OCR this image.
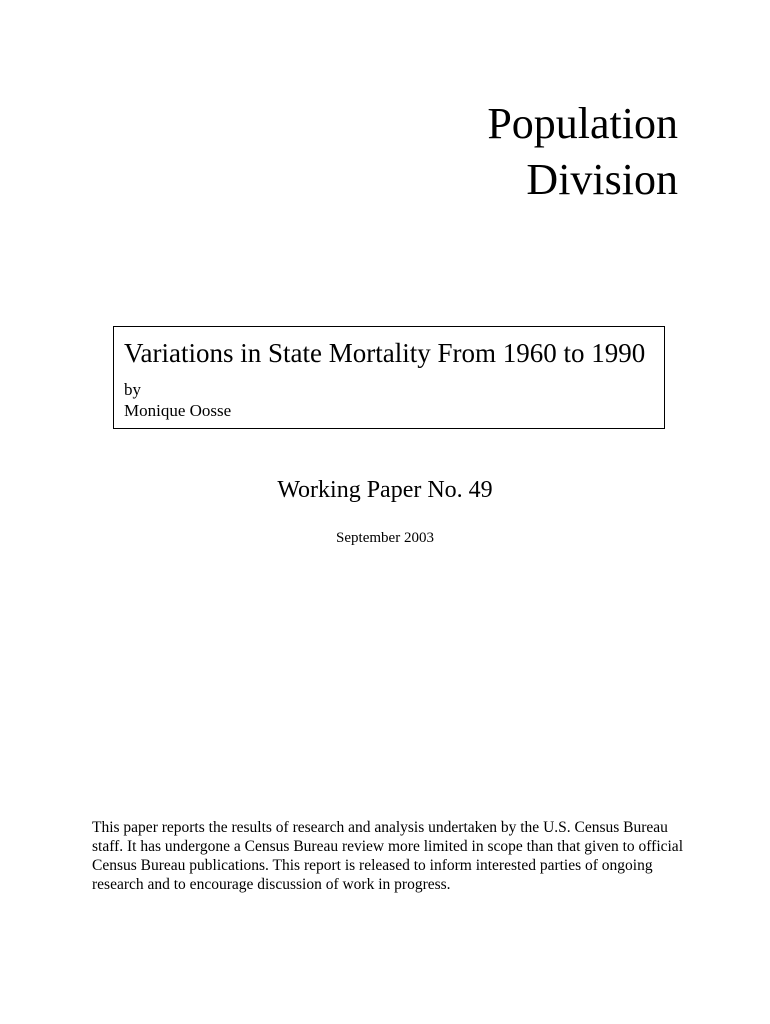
Population
Division
Variations in State Mortality From 1960 to 1990

by

Monique Oosse

Working Paper No. 49

September 2003

This paper reports the results of research and analysis undertaken by the U.S. Census Bureau staff. It has undergone a Census Bureau review more limited in scope than that given to official Census Bureau publications. This report is released to inform interested parties of ongoing research and to encourage discussion of work in progress.
